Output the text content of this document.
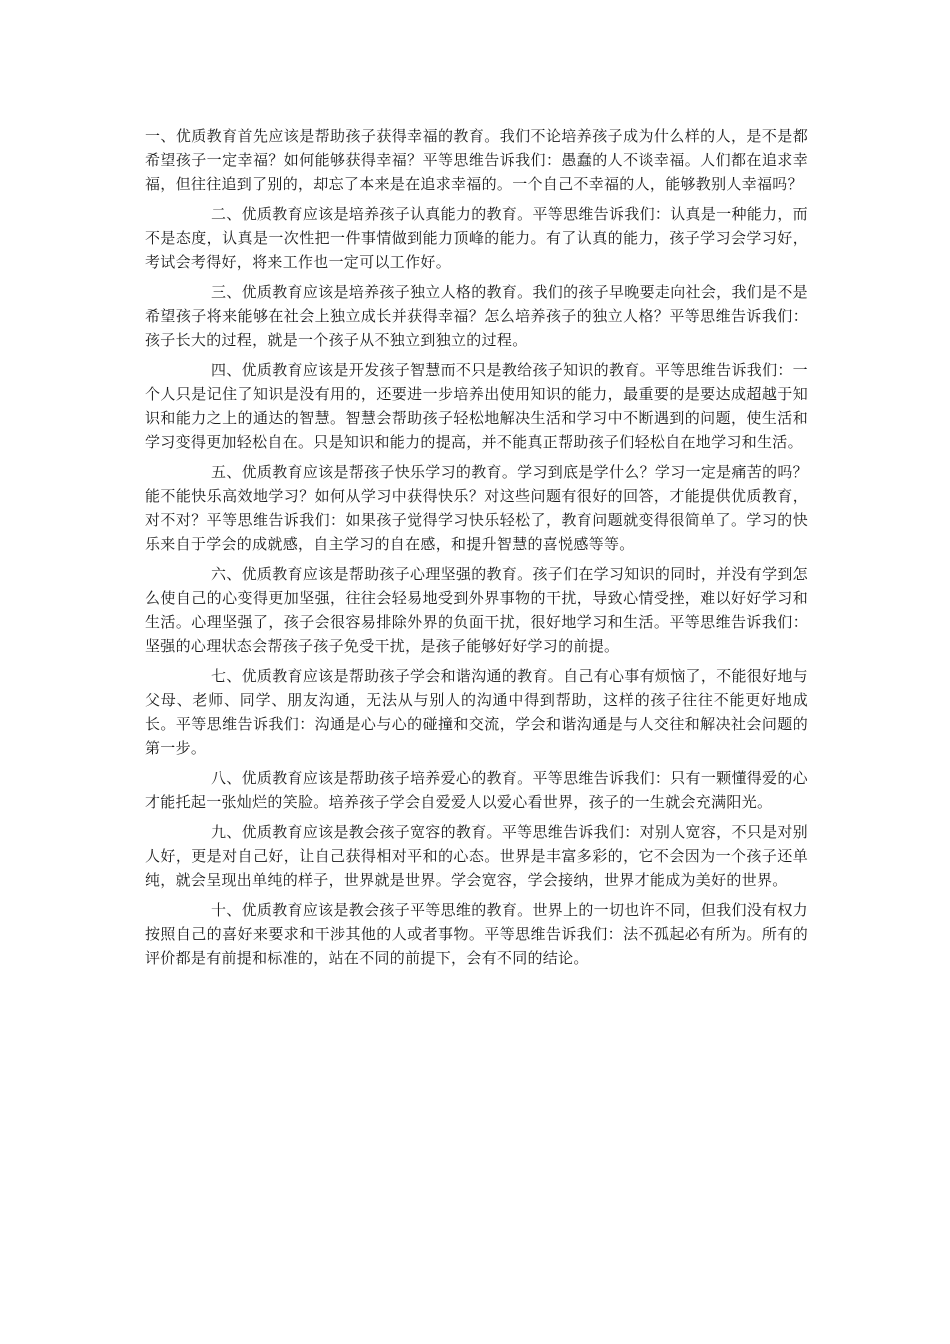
一、优质教育首先应该是帮助孩子获得幸福的教育。我们不论培养孩子成为什么样的人，是不是都希望孩子一定幸福？如何能够获得幸福？平等思维告诉我们：愚蠢的人不谈幸福。人们都在追求幸福，但往往追到了别的，却忘了本来是在追求幸福的。一个自己不幸福的人，能够教别人幸福吗？

二、优质教育应该是培养孩子认真能力的教育。平等思维告诉我们：认真是一种能力，而不是态度，认真是一次性把一件事情做到能力顶峰的能力。有了认真的能力，孩子学习会学习好，考试会考得好，将来工作也一定可以工作好。

三、优质教育应该是培养孩子独立人格的教育。我们的孩子早晚要走向社会，我们是不是希望孩子将来能够在社会上独立成长并获得幸福？怎么培养孩子的独立人格？平等思维告诉我们：孩子长大的过程，就是一个孩子从不独立到独立的过程。

四、优质教育应该是开发孩子智慧而不只是教给孩子知识的教育。平等思维告诉我们：一个人只是记住了知识是没有用的，还要进一步培养出使用知识的能力，最重要的是要达成超越于知识和能力之上的通达的智慧。智慧会帮助孩子轻松地解决生活和学习中不断遇到的问题，使生活和学习变得更加轻松自在。只是知识和能力的提高，并不能真正帮助孩子们轻松自在地学习和生活。

五、优质教育应该是帮孩子快乐学习的教育。学习到底是学什么？学习一定是痛苦的吗？能不能快乐高效地学习？如何从学习中获得快乐？对这些问题有很好的回答，才能提供优质教育，对不对？平等思维告诉我们：如果孩子觉得学习快乐轻松了，教育问题就变得很简单了。学习的快乐来自于学会的成就感，自主学习的自在感，和提升智慧的喜悦感等等。

六、优质教育应该是帮助孩子心理坚强的教育。孩子们在学习知识的同时，并没有学到怎么使自己的心变得更加坚强，往往会轻易地受到外界事物的干扰，导致心情受挫，难以好好学习和生活。心理坚强了，孩子会很容易排除外界的负面干扰，很好地学习和生活。平等思维告诉我们：坚强的心理状态会帮孩子孩子免受干扰，是孩子能够好好学习的前提。

七、优质教育应该是帮助孩子学会和谐沟通的教育。自己有心事有烦恼了，不能很好地与父母、老师、同学、朋友沟通，无法从与别人的沟通中得到帮助，这样的孩子往往不能更好地成长。平等思维告诉我们：沟通是心与心的碰撞和交流，学会和谐沟通是与人交往和解决社会问题的第一步。

八、优质教育应该是帮助孩子培养爱心的教育。平等思维告诉我们：只有一颗懂得爱的心才能托起一张灿烂的笑脸。培养孩子学会自爱爱人以爱心看世界，孩子的一生就会充满阳光。

九、优质教育应该是教会孩子宽容的教育。平等思维告诉我们：对别人宽容，不只是对别人好，更是对自己好，让自己获得相对平和的心态。世界是丰富多彩的，它不会因为一个孩子还单纯，就会呈现出单纯的样子，世界就是世界。学会宽容，学会接纳，世界才能成为美好的世界。

十、优质教育应该是教会孩子平等思维的教育。世界上的一切也许不同，但我们没有权力按照自己的喜好来要求和干涉其他的人或者事物。平等思维告诉我们：法不孤起必有所为。所有的评价都是有前提和标准的，站在不同的前提下，会有不同的结论。
